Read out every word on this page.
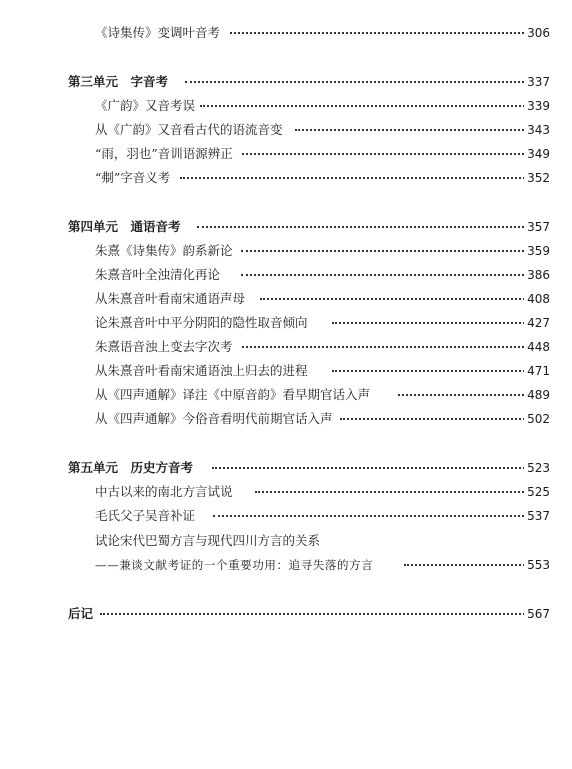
《诗集传》变调叶音考	306
第三单元　字音考	337
《广韵》又音考误	339
从《广韵》又音看古代的语流音变	343
“雨，羽也”音训语源辨正	349
“刜”字音义考	352
第四单元　通语音考	357
朱熹《诗集传》韵系新论	359
朱熹音叶全浊清化再论	386
从朱熹音叶看南宋通语声母	408
论朱熹音叶中平分阴阳的隐性取音倾向	427
朱熹语音浊上变去字次考	448
从朱熹音叶看南宋通语浊上归去的进程	471
从《四声通解》译注《中原音韵》看早期官话入声	489
从《四声通解》今俗音看明代前期官话入声	502
第五单元　历史方音考	523
中古以来的南北方言试说	525
毛氏父子吴音补证	537
试论宋代巴蜀方言与现代四川方言的关系
——兼谈文献考证的一个重要功用：追寻失落的方言	553
后记	567
